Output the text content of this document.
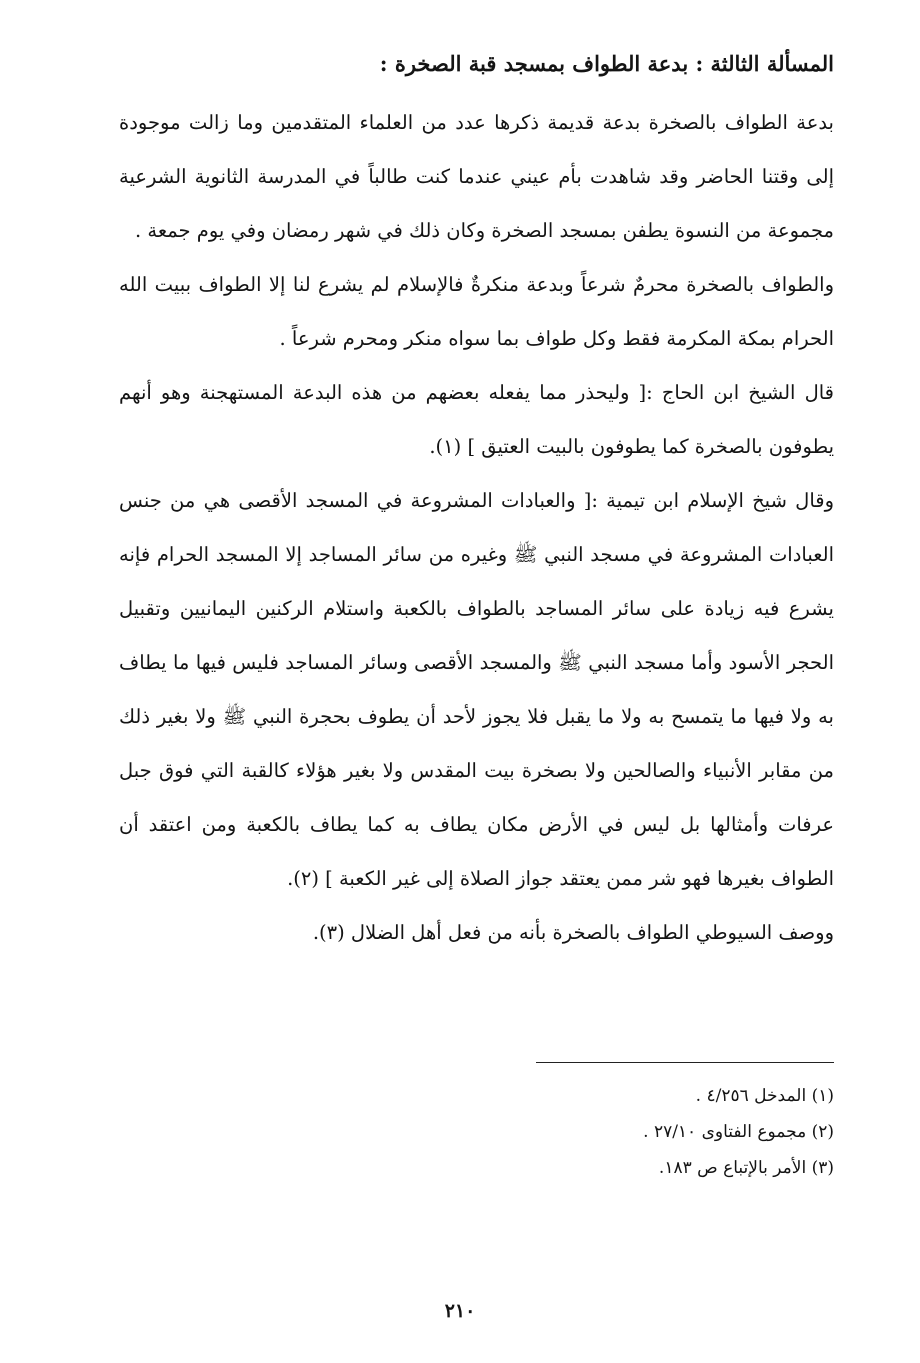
المسألة الثالثة : بدعة الطواف بمسجد قبة الصخرة :

بدعة الطواف بالصخرة بدعة قديمة ذكرها عدد من العلماء المتقدمين وما زالت موجودة إلى وقتنا الحاضر وقد شاهدت بأم عيني عندما كنت طالباً في المدرسة الثانوية الشرعية مجموعة من النسوة يطفن بمسجد الصخرة وكان ذلك في شهر رمضان وفي يوم جمعة .

والطواف بالصخرة محرمٌ شرعاً وبدعة منكرةٌ فالإسلام لم يشرع لنا إلا الطواف ببيت الله الحرام بمكة المكرمة فقط وكل طواف بما سواه منكر ومحرم شرعاً .

قال الشيخ ابن الحاج :[ وليحذر مما يفعله بعضهم من هذه البدعة المستهجنة وهو أنهم يطوفون بالصخرة كما يطوفون بالبيت العتيق ] (١).

وقال شيخ الإسلام ابن تيمية :[ والعبادات المشروعة في المسجد الأقصى هي من جنس العبادات المشروعة في مسجد النبي ﷺ وغيره من سائر المساجد إلا المسجد الحرام فإنه يشرع فيه زيادة على سائر المساجد بالطواف بالكعبة واستلام الركنين اليمانيين وتقبيل الحجر الأسود وأما مسجد النبي ﷺ والمسجد الأقصى وسائر المساجد فليس فيها ما يطاف به ولا فيها ما يتمسح به ولا ما يقبل فلا يجوز لأحد أن يطوف بحجرة النبي ﷺ ولا بغير ذلك من مقابر الأنبياء والصالحين ولا بصخرة بيت المقدس ولا بغير هؤلاء كالقبة التي فوق جبل عرفات وأمثالها بل ليس في الأرض مكان يطاف به كما يطاف بالكعبة ومن اعتقد أن الطواف بغيرها فهو شر ممن يعتقد جواز الصلاة إلى غير الكعبة ] (٢).

ووصف السيوطي الطواف بالصخرة بأنه من فعل أهل الضلال (٣).

(١) المدخل ٤/٢٥٦ .

(٢) مجموع الفتاوى ٢٧/١٠ .

(٣) الأمر بالإتباع ص ١٨٣.

٢١٠
